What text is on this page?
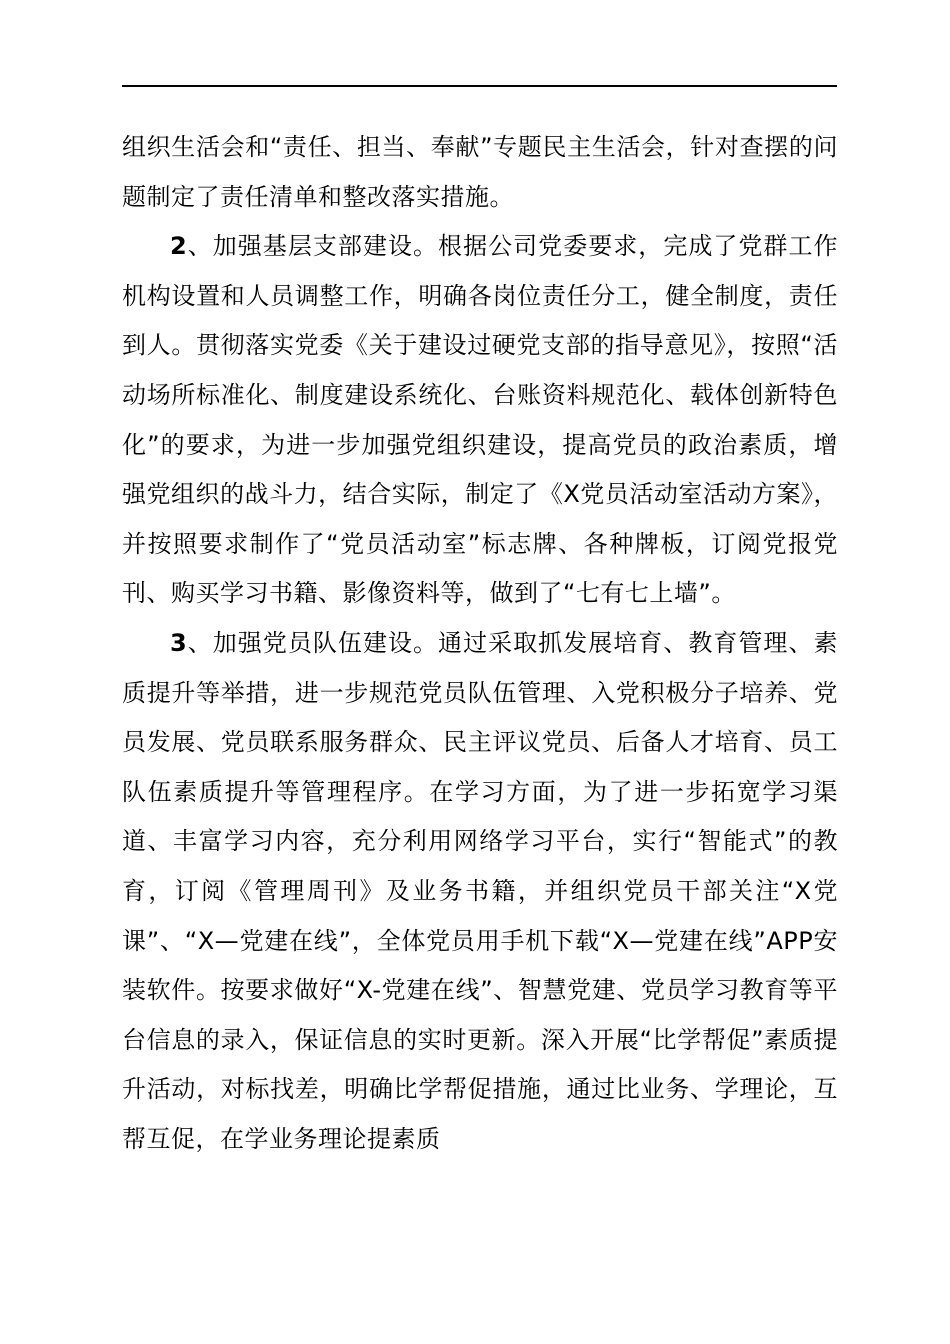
组织生活会和“责任、担当、奉献”专题民主生活会，针对查摆的问题制定了责任清单和整改落实措施。

2、加强基层支部建设。根据公司党委要求，完成了党群工作机构设置和人员调整工作，明确各岗位责任分工，健全制度，责任到人。贯彻落实党委《关于建设过硬党支部的指导意见》，按照“活动场所标准化、制度建设系统化、台账资料规范化、载体创新特色化”的要求，为进一步加强党组织建设，提高党员的政治素质，增强党组织的战斗力，结合实际，制定了《X党员活动室活动方案》，并按照要求制作了“党员活动室”标志牌、各种牌板，订阅党报党刊、购买学习书籍、影像资料等，做到了“七有七上墙”。

3、加强党员队伍建设。通过采取抓发展培育、教育管理、素质提升等举措，进一步规范党员队伍管理、入党积极分子培养、党员发展、党员联系服务群众、民主评议党员、后备人才培育、员工队伍素质提升等管理程序。在学习方面，为了进一步拓宽学习渠道、丰富学习内容，充分利用网络学习平台，实行“智能式”的教育，订阅《管理周刊》及业务书籍，并组织党员干部关注“X党课”、“X—党建在线”，全体党员用手机下载“X—党建在线”APP安装软件。按要求做好“X-党建在线”、智慧党建、党员学习教育等平台信息的录入，保证信息的实时更新。深入开展“比学帮促”素质提升活动，对标找差，明确比学帮促措施，通过比业务、学理论，互帮互促，在学业务理论提素质
